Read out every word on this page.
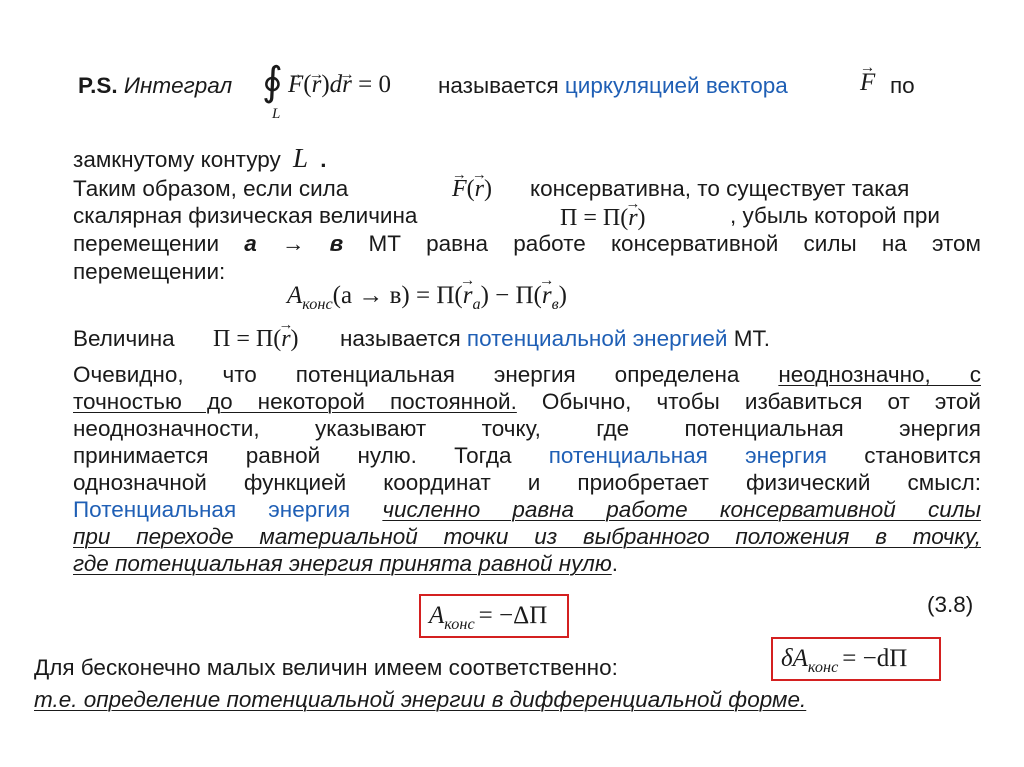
P.S. Интеграл ∮
L
→ F(→ r)d→ r = 0 называется циркуляцией вектора	→ F по
замкнутому контуру L .
Таким образом, если сила	→ F(→ r) консервативна, то существует такая
скалярная физическая величина	Π = Π(→ r)	, убыль которой при
перемещении а → в МТ равна работе консервативной силы на этом
перемещении:
$A_{конс}(a \to в) = \Pi(\to r_a) - \Pi(\to r_в)$
Величина Π = Π(→ r) называется потенциальной энергией МТ.
Очевидно, что потенциальная энергия определена неоднозначно, с
точностью до некоторой постоянной. Обычно, чтобы избавиться от этой
неоднозначности, указывают точку, где потенциальная энергия
принимается равной нулю. Тогда потенциальная энергия становится
однозначной функцией координат и приобретает физический смысл:
Потенциальная энергия численно равна работе консервативной силы
при переходе материальной точки из выбранного положения в точку,
где потенциальная энергия принята равной нулю.
(3.8)
$A_{конс} = -\Delta\Pi$
$\delta A_{конс} = -d\Pi$
Для бесконечно малых величин имеем соответственно:
т.е. определение потенциальной энергии в дифференциальной форме.
